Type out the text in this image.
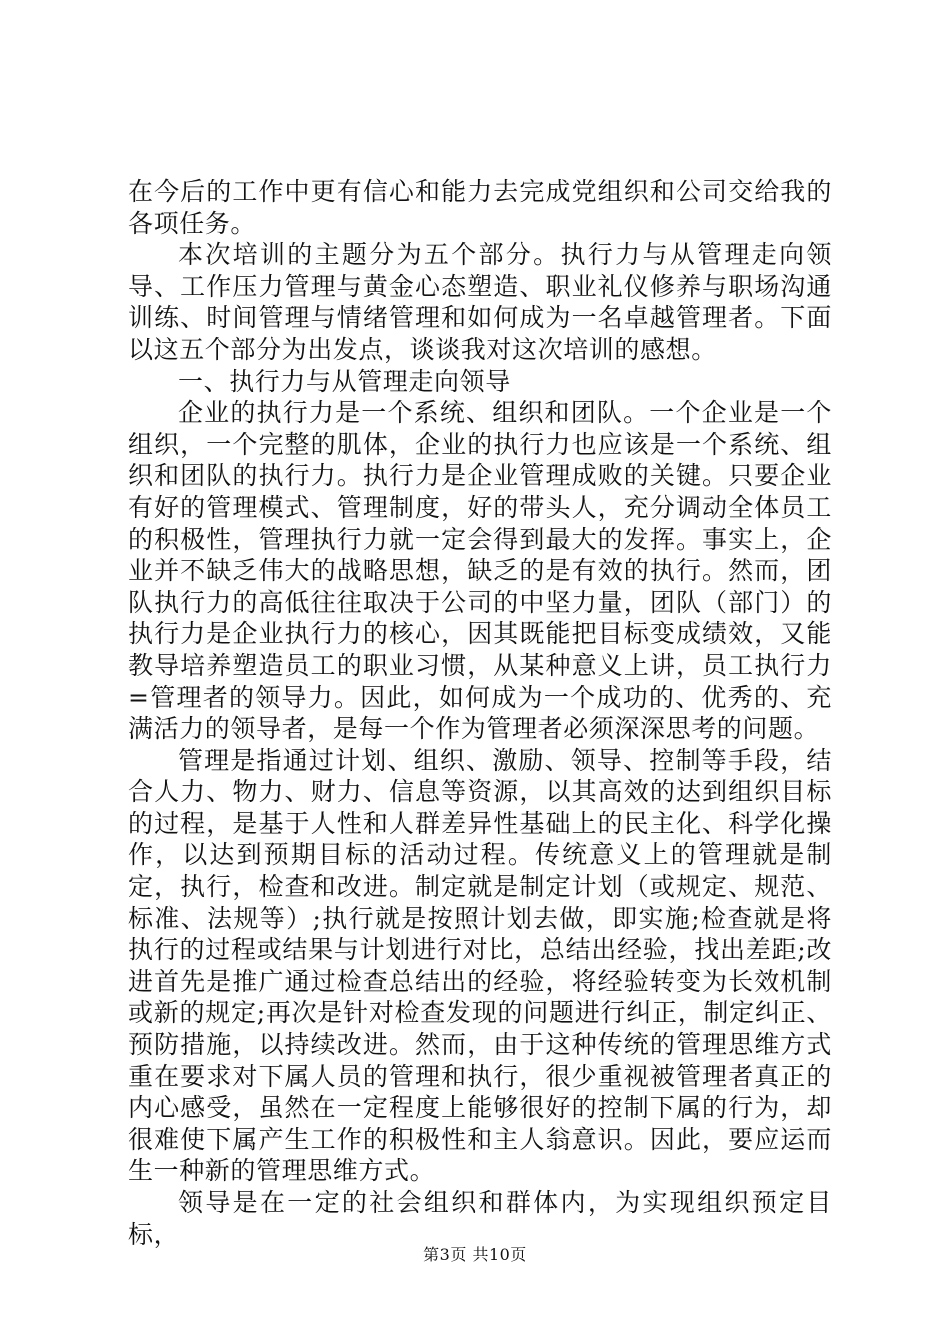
在今后的工作中更有信心和能力去完成党组织和公司交给我的各项任务。

本次培训的主题分为五个部分。执行力与从管理走向领导、工作压力管理与黄金心态塑造、职业礼仪修养与职场沟通训练、时间管理与情绪管理和如何成为一名卓越管理者。下面以这五个部分为出发点，谈谈我对这次培训的感想。

一、执行力与从管理走向领导

企业的执行力是一个系统、组织和团队。一个企业是一个组织，一个完整的肌体，企业的执行力也应该是一个系统、组织和团队的执行力。执行力是企业管理成败的关键。只要企业有好的管理模式、管理制度，好的带头人，充分调动全体员工的积极性，管理执行力就一定会得到最大的发挥。事实上，企业并不缺乏伟大的战略思想，缺乏的是有效的执行。然而，团队执行力的高低往往取决于公司的中坚力量，团队（部门）的执行力是企业执行力的核心，因其既能把目标变成绩效，又能教导培养塑造员工的职业习惯，从某种意义上讲，员工执行力=管理者的领导力。因此，如何成为一个成功的、优秀的、充满活力的领导者，是每一个作为管理者必须深深思考的问题。

管理是指通过计划、组织、激励、领导、控制等手段，结合人力、物力、财力、信息等资源，以其高效的达到组织目标的过程，是基于人性和人群差异性基础上的民主化、科学化操作，以达到预期目标的活动过程。传统意义上的管理就是制定，执行，检查和改进。制定就是制定计划（或规定、规范、标准、法规等）;执行就是按照计划去做，即实施;检查就是将执行的过程或结果与计划进行对比，总结出经验，找出差距;改进首先是推广通过检查总结出的经验，将经验转变为长效机制或新的规定;再次是针对检查发现的问题进行纠正，制定纠正、预防措施，以持续改进。然而，由于这种传统的管理思维方式重在要求对下属人员的管理和执行，很少重视被管理者真正的内心感受，虽然在一定程度上能够很好的控制下属的行为，却很难使下属产生工作的积极性和主人翁意识。因此，要应运而生一种新的管理思维方式。

领导是在一定的社会组织和群体内，为实现组织预定目标，

第3页 共10页
